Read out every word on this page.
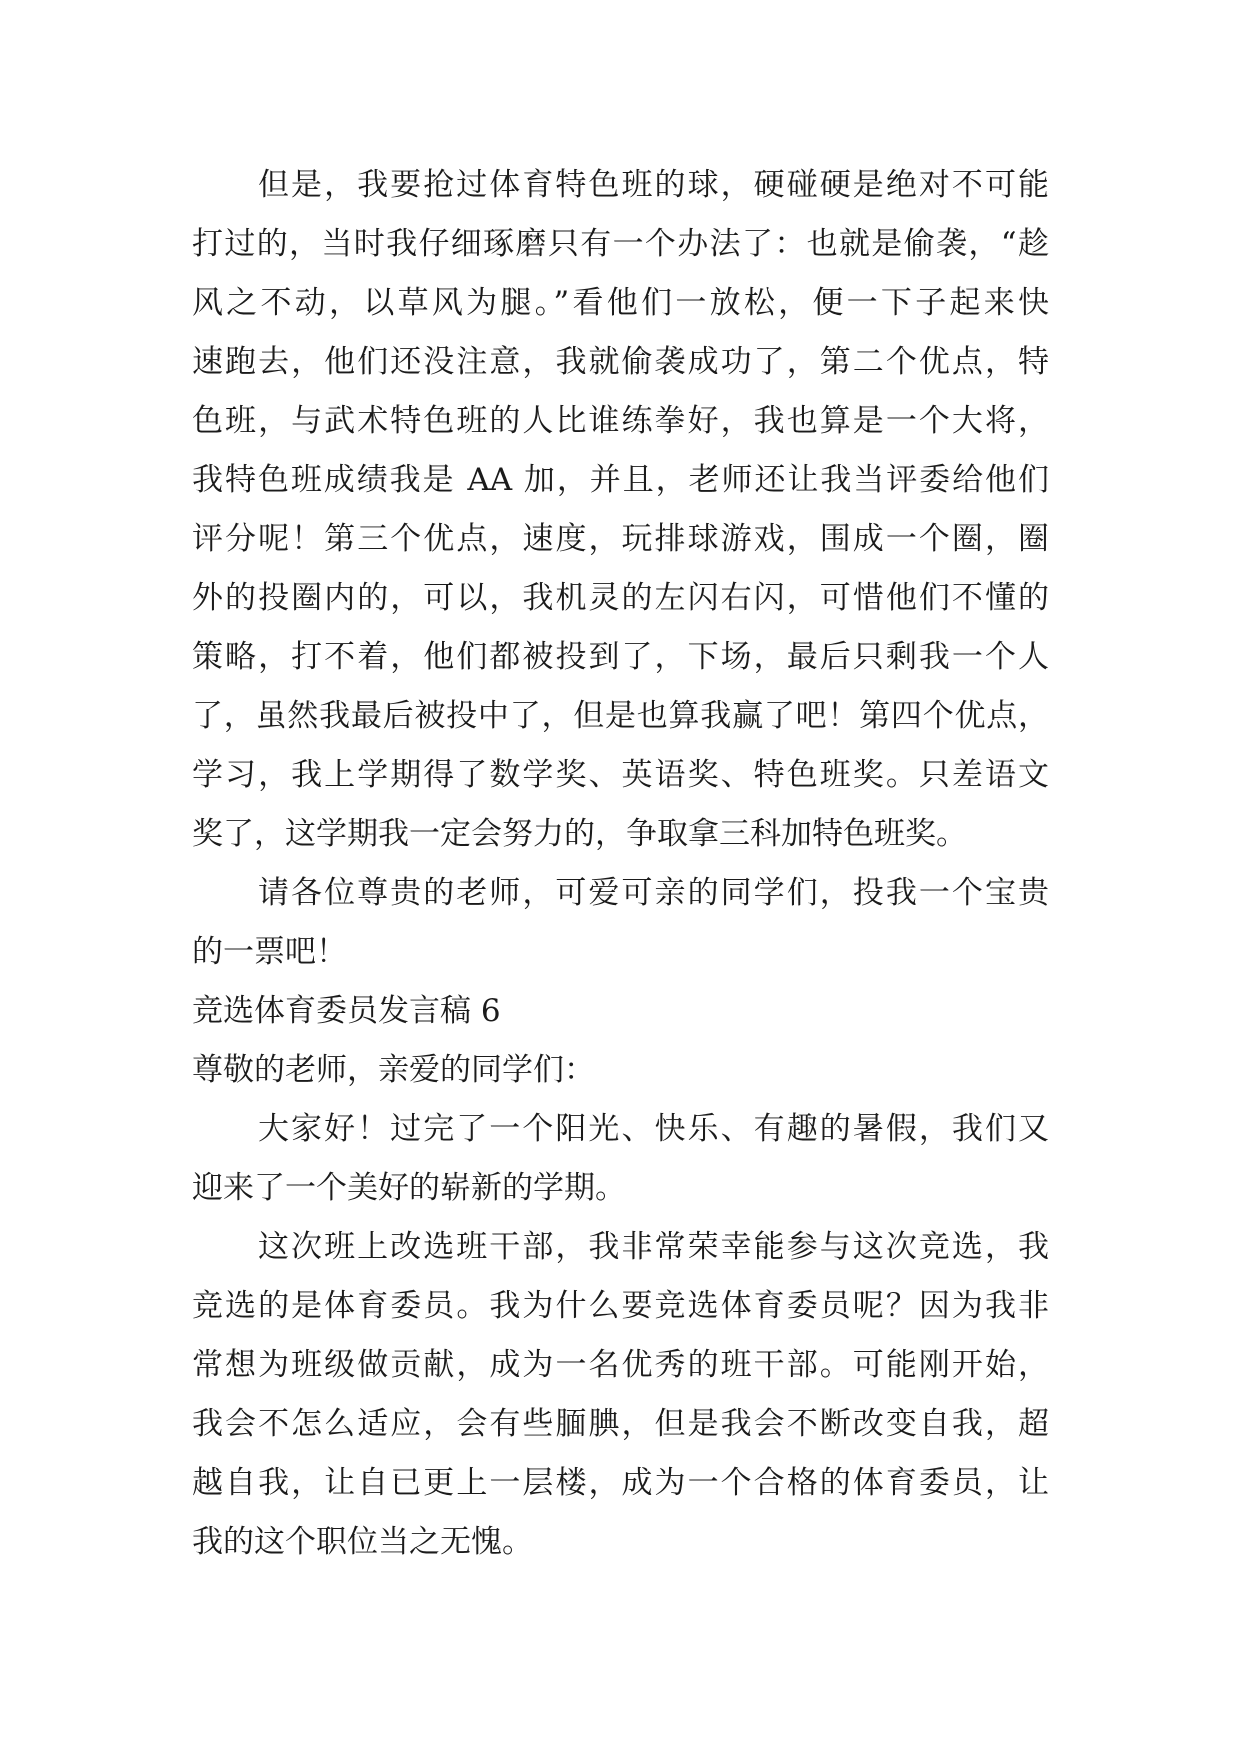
但是，我要抢过体育特色班的球，硬碰硬是绝对不可能
打过的，当时我仔细琢磨只有一个办法了：也就是偷袭，“趁
风之不动，以草风为腿。”看他们一放松，便一下子起来快
速跑去，他们还没注意，我就偷袭成功了，第二个优点，特
色班，与武术特色班的人比谁练拳好，我也算是一个大将，
我特色班成绩我是 AA 加，并且，老师还让我当评委给他们
评分呢！第三个优点，速度，玩排球游戏，围成一个圈，圈
外的投圈内的，可以，我机灵的左闪右闪，可惜他们不懂的
策略，打不着，他们都被投到了，下场，最后只剩我一个人
了，虽然我最后被投中了，但是也算我赢了吧！第四个优点，
学习，我上学期得了数学奖、英语奖、特色班奖。只差语文
奖了，这学期我一定会努力的，争取拿三科加特色班奖。
请各位尊贵的老师，可爱可亲的同学们，投我一个宝贵
的一票吧！
竞选体育委员发言稿 6
尊敬的老师，亲爱的同学们：
大家好！过完了一个阳光、快乐、有趣的暑假，我们又
迎来了一个美好的崭新的学期。
这次班上改选班干部，我非常荣幸能参与这次竞选，我
竞选的是体育委员。我为什么要竞选体育委员呢？因为我非
常想为班级做贡献，成为一名优秀的班干部。可能刚开始，
我会不怎么适应，会有些腼腆，但是我会不断改变自我，超
越自我，让自已更上一层楼，成为一个合格的体育委员，让
我的这个职位当之无愧。
